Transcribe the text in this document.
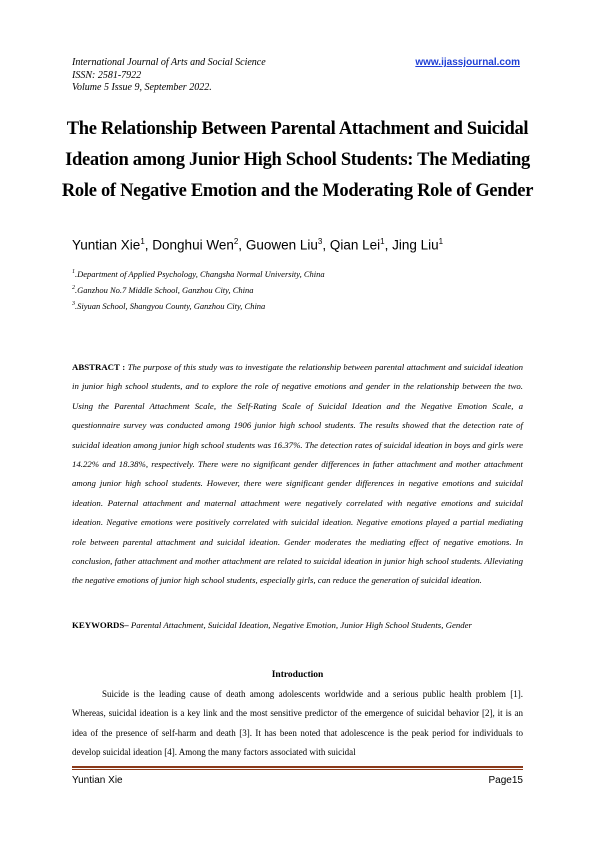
International Journal of Arts and Social Science
ISSN: 2581-7922
Volume 5 Issue 9, September 2022.
www.ijassjournal.com
The Relationship Between Parental Attachment and Suicidal Ideation among Junior High School Students: The Mediating Role of Negative Emotion and the Moderating Role of Gender
Yuntian Xie$^1$, Donghui Wen$^2$, Guowen Liu$^3$, Qian Lei$^1$, Jing Liu$^1$
$^1$.Department of Applied Psychology, Changsha Normal University, China
$^2$.Ganzhou No.7 Middle School, Ganzhou City, China
$^3$.Siyuan School, Shangyou County, Ganzhou City, China
ABSTRACT : The purpose of this study was to investigate the relationship between parental attachment and suicidal ideation in junior high school students, and to explore the role of negative emotions and gender in the relationship between the two. Using the Parental Attachment Scale, the Self-Rating Scale of Suicidal Ideation and the Negative Emotion Scale, a questionnaire survey was conducted among 1906 junior high school students. The results showed that the detection rate of suicidal ideation among junior high school students was 16.37%. The detection rates of suicidal ideation in boys and girls were 14.22% and 18.38%, respectively. There were no significant gender differences in father attachment and mother attachment among junior high school students. However, there were significant gender differences in negative emotions and suicidal ideation. Paternal attachment and maternal attachment were negatively correlated with negative emotions and suicidal ideation. Negative emotions were positively correlated with suicidal ideation. Negative emotions played a partial mediating role between parental attachment and suicidal ideation. Gender moderates the mediating effect of negative emotions. In conclusion, father attachment and mother attachment are related to suicidal ideation in junior high school students. Alleviating the negative emotions of junior high school students, especially girls, can reduce the generation of suicidal ideation.
KEYWORDS– Parental Attachment, Suicidal Ideation, Negative Emotion, Junior High School Students, Gender
Introduction
Suicide is the leading cause of death among adolescents worldwide and a serious public health problem [1]. Whereas, suicidal ideation is a key link and the most sensitive predictor of the emergence of suicidal behavior [2], it is an idea of the presence of self-harm and death [3]. It has been noted that adolescence is the peak period for individuals to develop suicidal ideation [4]. Among the many factors associated with suicidal
Yuntian Xie	Page15
